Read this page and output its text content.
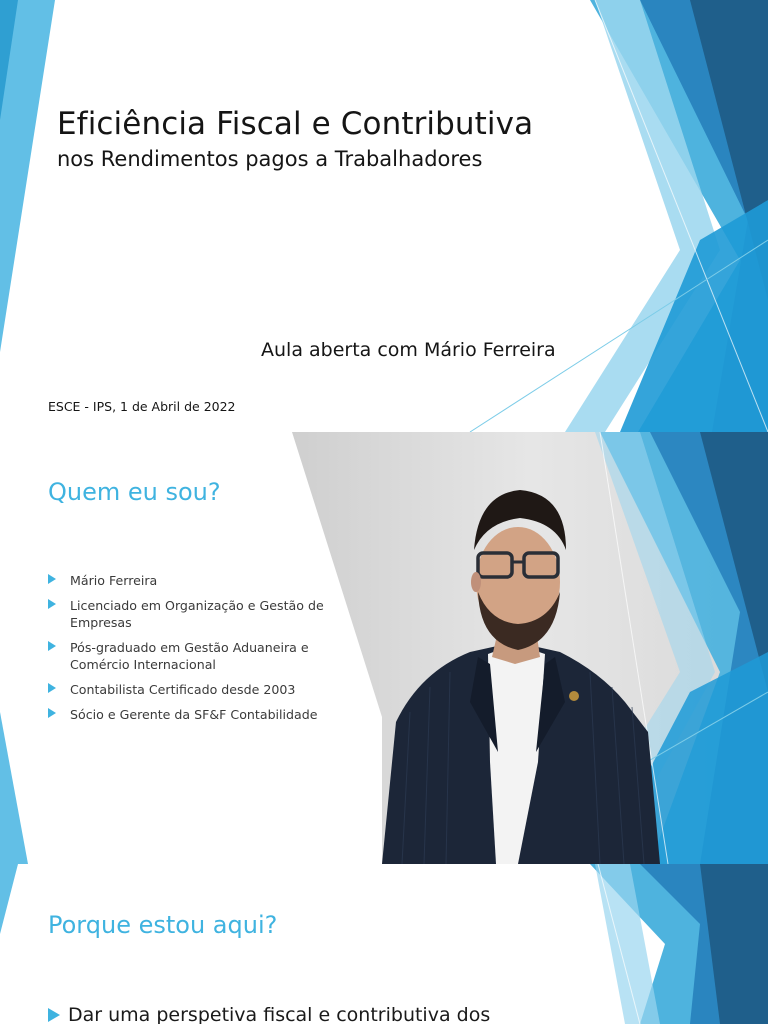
Eficiência Fiscal e Contributiva
nos Rendimentos pagos a Trabalhadores
Aula aberta com Mário Ferreira
ESCE - IPS, 1 de Abril de 2022
Quem eu sou?
Mário Ferreira
Licenciado em Organização e Gestão de Empresas
Pós-graduado em Gestão Aduaneira e Comércio Internacional
Contabilista Certificado desde 2003
Sócio e Gerente da SF&F Contabilidade
Porque estou aqui?
Dar uma perspetiva fiscal e contributiva dos
